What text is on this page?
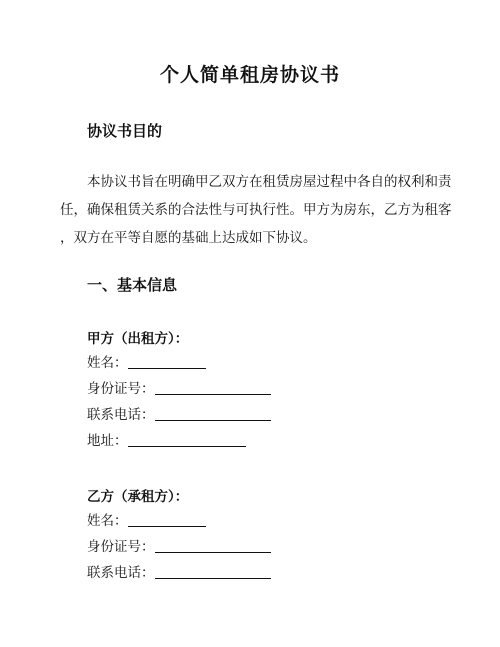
个人简单租房协议书
协议书目的
本协议书旨在明确甲乙双方在租赁房屋过程中各自的权利和责
任，确保租赁关系的合法性与可执行性。甲方为房东，乙方为租客
，双方在平等自愿的基础上达成如下协议。
一、基本信息
甲方（出租方）：
姓名：
身份证号：
联系电话：
地址：
乙方（承租方）：
姓名：
身份证号：
联系电话：
